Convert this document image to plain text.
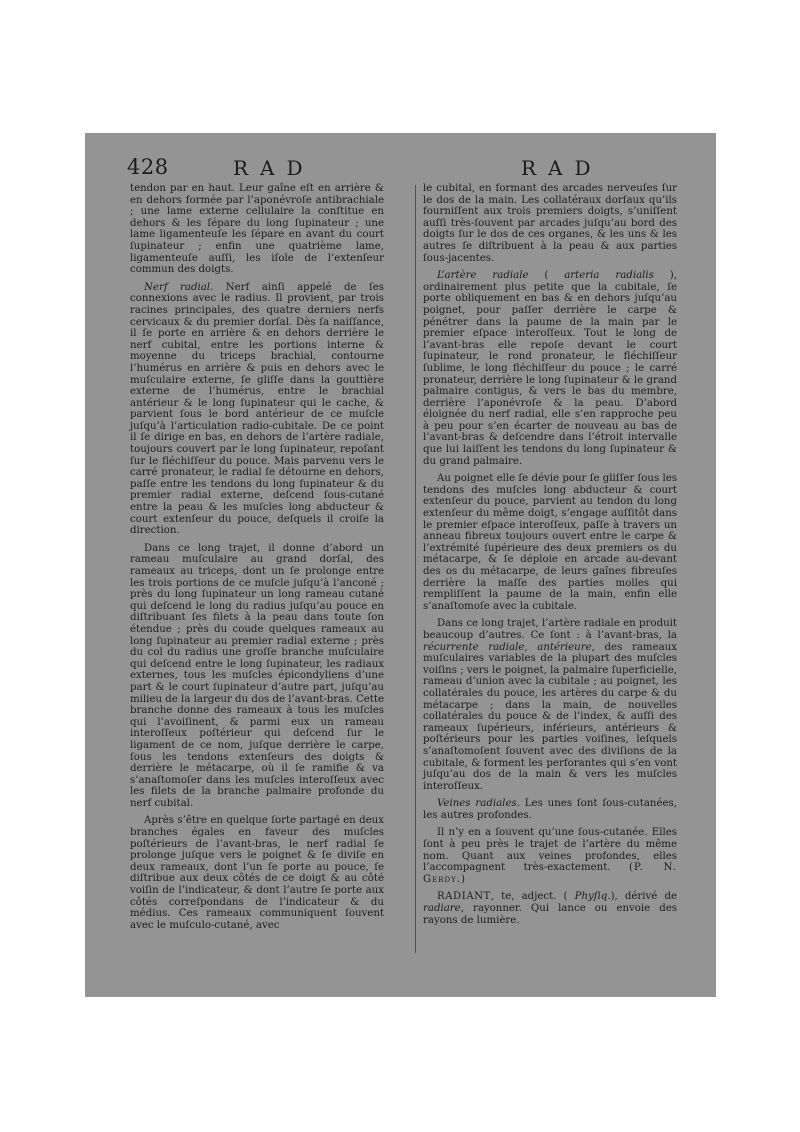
428	RAD	RAD

tendon par en haut. Leur gaîne eſt en arrière & en dehors formée par l’aponévroſe antibrachiale ; une lame externe cellulaire la conſtitue en dehors & les ſépare du long ſupinateur ; une lame ligamenteuſe les ſépare en avant du court ſupinateur ; enfin une quatrième lame, ligamenteuſe auſſi, les iſole de l’extenſeur commun des doigts.

Nerf radial. Nerf ainſi appelé de ſes connexions avec le radius. Il provient, par trois racines principales, des quatre derniers nerfs cervicaux & du premier dorſal. Dès ſa naiſſance, il ſe porte en arrière & en dehors derrière le nerf cubital, entre les portions interne & moyenne du triceps brachial, contourne l’humérus en arrière & puis en dehors avec le muſculaire externe, ſe gliſſe dans la gouttière externe de l’humérus, entre le brachial antérieur & le long ſupinateur qui le cache, & parvient ſous le bord antérieur de ce muſcle juſqu’à l’articulation radio-cubitale. De ce point il ſe dirige en bas, en dehors de l’artère radiale, toujours couvert par le long ſupinateur, repoſant ſur le fléchiſſeur du pouce. Mais parvenu vers le carré pronateur, le radial ſe détourne en dehors, paſſe entre les tendons du long ſupinateur & du premier radial externe, deſcend ſous-cutané entre la peau & les muſcles long abducteur & court extenſeur du pouce, deſquels il croiſe la direction.

Dans ce long trajet, il donne d’abord un rameau muſculaire au grand dorſal, des rameaux au triceps, dont un ſe prolonge entre les trois portions de ce muſcle juſqu’à l’anconé ; près du long ſupinateur un long rameau cutané qui deſcend le long du radius juſqu’au pouce en diſtribuant ſes filets à la peau dans toute ſon étendue ; près du coude quelques rameaux au long ſupinateur au premier radial externe ; près du col du radius une groſſe branche muſculaire qui deſcend entre le long ſupinateur, les radiaux externes, tous les muſcles épicondyliens d’une part & le court ſupinateur d’autre part, juſqu’au milieu de la largeur du dos de l’avant-bras. Cette branche donne des rameaux à tous les muſcles qui l’avoiſinent, & parmi eux un rameau interoſſeux poſtérieur qui deſcend ſur le ligament de ce nom, juſque derrière le carpe, ſous les tendons extenſeurs des doigts & derrière le métacarpe, où il ſe ramifie & va s’anaſtomoſer dans les muſcles interoſſeux avec les filets de la branche palmaire profonde du nerf cubital.

Après s’être en quelque ſorte partagé en deux branches égales en faveur des muſcles poſtérieurs de l’avant-bras, le nerf radial ſe prolonge juſque vers le poignet & ſe diviſe en deux rameaux, dont l’un ſe porte au pouce, ſe diſtribue aux deux côtés de ce doigt & au côté voiſin de l’indicateur, & dont l’autre ſe porte aux côtés correſpondans de l’indicateur & du médius. Ces rameaux communiquent ſouvent avec le muſculo-cutané, avec

le cubital, en formant des arcades nerveuſes ſur le dos de la main. Les collatéraux dorſaux qu’ils fourniſſent aux trois premiers doigts, s’uniſſent auſſi très-ſouvent par arcades juſqu’au bord des doigts ſur le dos de ces organes, & les uns & les autres ſe diſtribuent à la peau & aux parties ſous-jacentes.

L’artère radiale ( arteria radialis ), ordinairement plus petite que la cubitale, ſe porte obliquement en bas & en dehors juſqu’au poignet, pour paſſer derrière le carpe & pénétrer dans la paume de la main par le premier eſpace interoſſeux. Tout le long de l’avant-bras elle repoſe devant le court ſupinateur, le rond pronateur, le fléchiſſeur ſublime, le long fléchiſſeur du pouce ; le carré pronateur, derrière le long ſupinateur & le grand palmaire contigus, & vers le bas du membre, derrière l’aponévroſe & la peau. D’abord éloignée du nerf radial, elle s’en rapproche peu à peu pour s’en écarter de nouveau au bas de l’avant-bras & deſcendre dans l’étroit intervalle que lui laiſſent les tendons du long ſupinateur & du grand palmaire.

Au poignet elle ſe dévie pour ſe gliſſer ſous les tendons des muſcles long abducteur & court extenſeur du pouce, parvient au tendon du long extenſeur du même doigt, s’engage auſſitôt dans le premier eſpace interoſſeux, paſſe à travers un anneau fibreux toujours ouvert entre le carpe & l’extrémité ſupérieure des deux premiers os du métacarpe, & ſe déploie en arcade au-devant des os du métacarpe, de leurs gaînes fibreuſes derrière la maſſe des parties molles qui rempliſſent la paume de la main, enfin elle s’anaſtomoſe avec la cubitale.

Dans ce long trajet, l’artère radiale en produit beaucoup d’autres. Ce ſont : à l’avant-bras, la récurrente radiale, antérieure, des rameaux muſculaires variables de la plupart des muſcles voiſins ; vers le poignet, la palmaire ſuperficielle, rameau d’union avec la cubitale ; au poignet, les collatérales du pouce, les artères du carpe & du métacarpe ; dans la main, de nouvelles collatérales du pouce & de l’index, & auſſi des rameaux ſupérieurs, inférieurs, antérieurs & poſtérieurs pour les parties voiſines, leſquels s’anaſtomoſent ſouvent avec des diviſions de la cubitale, & forment les perforantes qui s’en vont juſqu’au dos de la main & vers les muſcles interoſſeux.

Veines radiales. Les unes ſont ſous-cutanées, les autres profondes.

Il n’y en a ſouvent qu’une ſous-cutanée. Elles ſont à peu près le trajet de l’artère du même nom. Quant aux veines profondes, elles l’accompagnent très-exactement. (P. N. Gerdy.)

RADIANT, te, adject. ( Phyſiq.), dérivé de radiare, rayonner. Qui lance ou envoie des rayons de lumière.
